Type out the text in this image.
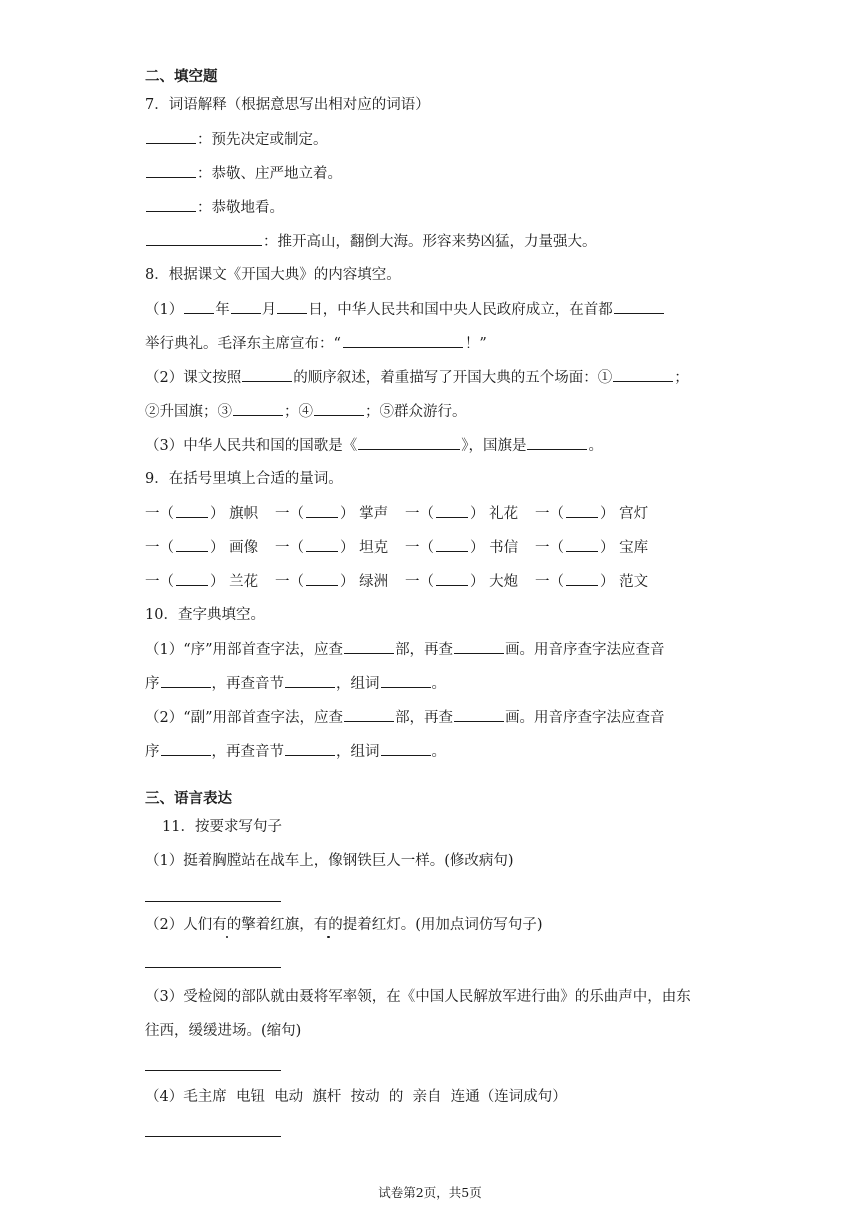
二、填空题
7．词语解释（根据意思写出相对应的词语）
：预先决定或制定。
：恭敬、庄严地立着。
：恭敬地看。
：推开高山，翻倒大海。形容来势凶猛，力量强大。
8．根据课文《开国大典》的内容填空。
（1） 年 月 日，中华人民共和国中央人民政府成立，在首都
举行典礼。毛泽东主席宣布：“	！”
（2）课文按照	的顺序叙述，着重描写了开国大典的五个场面：①	；
②升国旗；③	；④	；⑤群众游行。
（3）中华人民共和国的国歌是《	》，国旗是	。
9．在括号里填上合适的量词。
一（ ） 旗帜 一（ ） 掌声 一（ ） 礼花 一（ ） 宫灯
一（ ） 画像 一（ ） 坦克 一（ ） 书信 一（ ） 宝库
一（ ） 兰花 一（ ） 绿洲 一（ ） 大炮 一（ ） 范文
10．查字典填空。
（1）“序”用部首查字法，应查	部，再查	画。用音序查字法应查音
序	，再查音节	，组词	。
（2）“副”用部首查字法，应查	部，再查	画。用音序查字法应查音
序	，再查音节	，组词	。
三、语言表达
11．按要求写句子
（1）挺着胸膛站在战车上，像钢铁巨人一样。(修改病句)
（2）人们有的擎着红旗，有的提着红灯。(用加点词仿写句子)
（3）受检阅的部队就由聂将军率领，在《中国人民解放军进行曲》的乐曲声中，由东
往西，缓缓进场。(缩句)
（4）毛主席  电钮  电动  旗杆  按动  的  亲自  连通（连词成句）
试卷第2页，共5页
